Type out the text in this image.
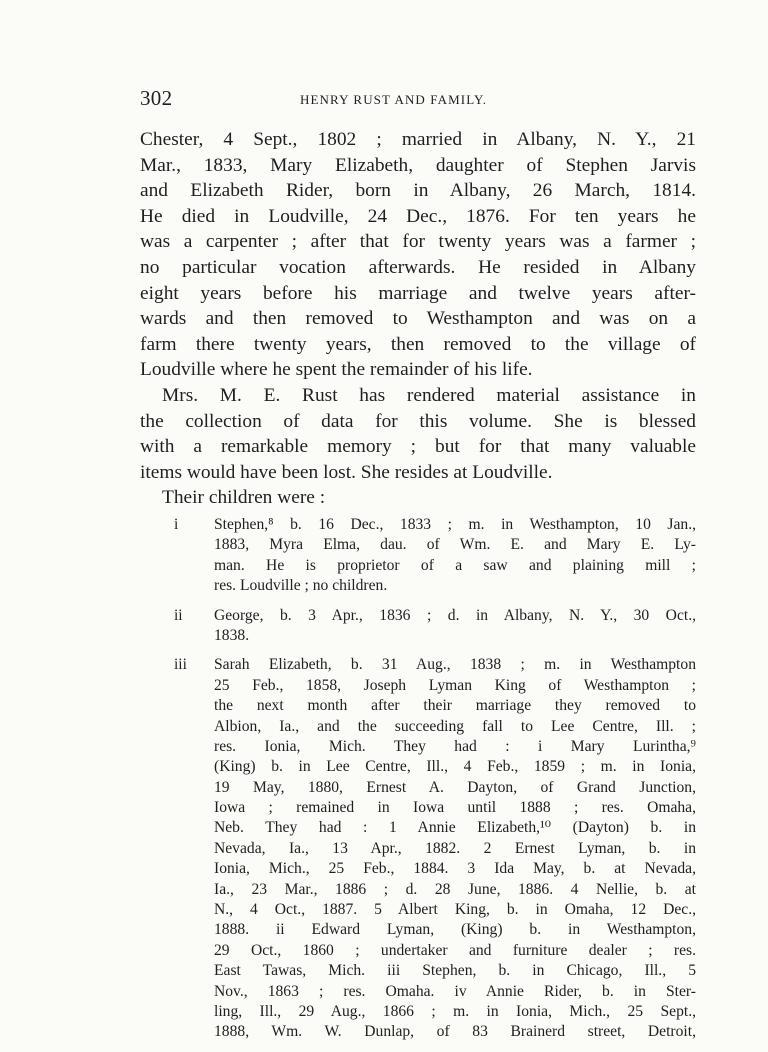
302	HENRY RUST AND FAMILY.
Chester, 4 Sept., 1802 ; married in Albany, N. Y., 21
Mar., 1833, Mary Elizabeth, daughter of Stephen Jarvis
and Elizabeth Rider, born in Albany, 26 March, 1814.
He died in Loudville, 24 Dec., 1876. For ten years he
was a carpenter ; after that for twenty years was a farmer ;
no particular vocation afterwards. He resided in Albany
eight years before his marriage and twelve years after-
wards and then removed to Westhampton and was on a
farm there twenty years, then removed to the village of
Loudville where he spent the remainder of his life.
Mrs. M. E. Rust has rendered material assistance in
the collection of data for this volume. She is blessed
with a remarkable memory ; but for that many valuable
items would have been lost. She resides at Loudville.
Their children were :
i Stephen,⁸ b. 16 Dec., 1833 ; m. in Westhampton, 10 Jan.,
1883, Myra Elma, dau. of Wm. E. and Mary E. Ly-
man. He is proprietor of a saw and plaining mill ;
res. Loudville ; no children.
ii George, b. 3 Apr., 1836 ; d. in Albany, N. Y., 30 Oct.,
1838.
iii Sarah Elizabeth, b. 31 Aug., 1838 ; m. in Westhampton
25 Feb., 1858, Joseph Lyman King of Westhampton ;
the next month after their marriage they removed to
Albion, Ia., and the succeeding fall to Lee Centre, Ill. ;
res. Ionia, Mich. They had : i Mary Lurintha,⁹
(King) b. in Lee Centre, Ill., 4 Feb., 1859 ; m. in Ionia,
19 May, 1880, Ernest A. Dayton, of Grand Junction,
Iowa ; remained in Iowa until 1888 ; res. Omaha,
Neb. They had : 1 Annie Elizabeth,¹⁰ (Dayton) b. in
Nevada, Ia., 13 Apr., 1882. 2 Ernest Lyman, b. in
Ionia, Mich., 25 Feb., 1884. 3 Ida May, b. at Nevada,
Ia., 23 Mar., 1886 ; d. 28 June, 1886. 4 Nellie, b. at
N., 4 Oct., 1887. 5 Albert King, b. in Omaha, 12 Dec.,
1888. ii Edward Lyman, (King) b. in Westhampton,
29 Oct., 1860 ; undertaker and furniture dealer ; res.
East Tawas, Mich. iii Stephen, b. in Chicago, Ill., 5
Nov., 1863 ; res. Omaha. iv Annie Rider, b. in Ster-
ling, Ill., 29 Aug., 1866 ; m. in Ionia, Mich., 25 Sept.,
1888, Wm. W. Dunlap, of 83 Brainerd street, Detroit,
